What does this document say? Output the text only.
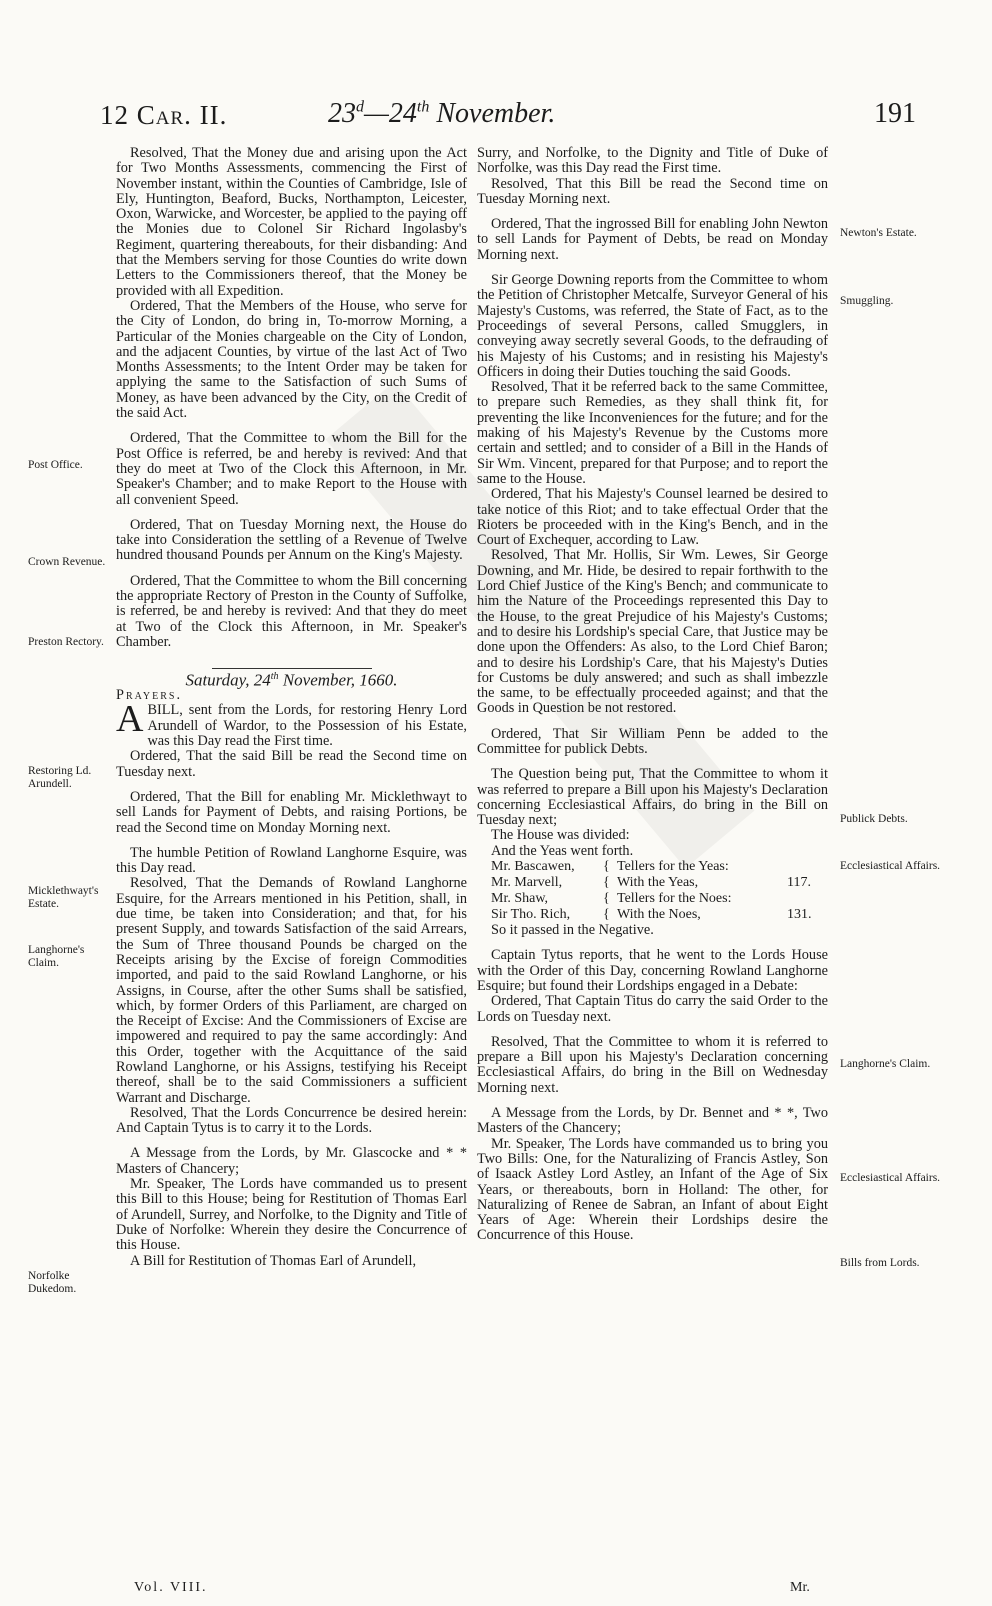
12 Car. II.	23$^d$—24th November.	191
Post Office.
Crown Revenue.
Preston Rectory.
Restoring Ld. Arundell.
Micklethwayt's Estate.
Langhorne's Claim.
Norfolke Dukedom.
Newton's Estate.
Smuggling.
Publick Debts.
Ecclesiastical Affairs.
Langhorne's Claim.
Ecclesiastical Affairs.
Bills from Lords.

Resolved, That the Money due and arising upon the Act for Two Months Assessments, commencing the First of November instant, within the Counties of Cambridge, Isle of Ely, Huntington, Beaford, Bucks, Northampton, Leicester, Oxon, Warwicke, and Worcester, be applied to the paying off the Monies due to Colonel Sir Richard Ingolasby's Regiment, quartering thereabouts, for their disbanding: And that the Members serving for those Counties do write down Letters to the Commissioners thereof, that the Money be provided with all Expedition.

Ordered, That the Members of the House, who serve for the City of London, do bring in, To-morrow Morning, a Particular of the Monies chargeable on the City of London, and the adjacent Counties, by virtue of the last Act of Two Months Assessments; to the Intent Order may be taken for applying the same to the Satisfaction of such Sums of Money, as have been advanced by the City, on the Credit of the said Act.

Ordered, That the Committee to whom the Bill for the Post Office is referred, be and hereby is revived: And that they do meet at Two of the Clock this Afternoon, in Mr. Speaker's Chamber; and to make Report to the House with all convenient Speed.

Ordered, That on Tuesday Morning next, the House do take into Consideration the settling of a Revenue of Twelve hundred thousand Pounds per Annum on the King's Majesty.

Ordered, That the Committee to whom the Bill concerning the appropriate Rectory of Preston in the County of Suffolke, is referred, be and hereby is revived: And that they do meet at Two of the Clock this Afternoon, in Mr. Speaker's Chamber.

Saturday, 24th November, 1660.

Prayers.

ABILL, sent from the Lords, for restoring Henry Lord Arundell of Wardor, to the Possession of his Estate, was this Day read the First time.

Ordered, That the said Bill be read the Second time on Tuesday next.

Ordered, That the Bill for enabling Mr. Micklethwayt to sell Lands for Payment of Debts, and raising Portions, be read the Second time on Monday Morning next.

The humble Petition of Rowland Langhorne Esquire, was this Day read.

Resolved, That the Demands of Rowland Langhorne Esquire, for the Arrears mentioned in his Petition, shall, in due time, be taken into Consideration; and that, for his present Supply, and towards Satisfaction of the said Arrears, the Sum of Three thousand Pounds be charged on the Receipts arising by the Excise of foreign Commodities imported, and paid to the said Rowland Langhorne, or his Assigns, in Course, after the other Sums shall be satisfied, which, by former Orders of this Parliament, are charged on the Receipt of Excise: And the Commissioners of Excise are impowered and required to pay the same accordingly: And this Order, together with the Acquittance of the said Rowland Langhorne, or his Assigns, testifying his Receipt thereof, shall be to the said Commissioners a sufficient Warrant and Discharge.

Resolved, That the Lords Concurrence be desired herein: And Captain Tytus is to carry it to the Lords.

A Message from the Lords, by Mr. Glascocke and * * Masters of Chancery;

Mr. Speaker, The Lords have commanded us to present this Bill to this House; being for Restitution of Thomas Earl of Arundell, Surrey, and Norfolke, to the Dignity and Title of Duke of Norfolke: Wherein they desire the Concurrence of this House.

A Bill for Restitution of Thomas Earl of Arundell,

Surry, and Norfolke, to the Dignity and Title of Duke of Norfolke, was this Day read the First time.

Resolved, That this Bill be read the Second time on Tuesday Morning next.

Ordered, That the ingrossed Bill for enabling John Newton to sell Lands for Payment of Debts, be read on Monday Morning next.

Sir George Downing reports from the Committee to whom the Petition of Christopher Metcalfe, Surveyor General of his Majesty's Customs, was referred, the State of Fact, as to the Proceedings of several Persons, called Smugglers, in conveying away secretly several Goods, to the defrauding of his Majesty of his Customs; and in resisting his Majesty's Officers in doing their Duties touching the said Goods.

Resolved, That it be referred back to the same Committee, to prepare such Remedies, as they shall think fit, for preventing the like Inconveniences for the future; and for the making of his Majesty's Revenue by the Customs more certain and settled; and to consider of a Bill in the Hands of Sir Wm. Vincent, prepared for that Purpose; and to report the same to the House.

Ordered, That his Majesty's Counsel learned be desired to take notice of this Riot; and to take effectual Order that the Rioters be proceeded with in the King's Bench, and in the Court of Exchequer, according to Law.

Resolved, That Mr. Hollis, Sir Wm. Lewes, Sir George Downing, and Mr. Hide, be desired to repair forthwith to the Lord Chief Justice of the King's Bench; and communicate to him the Nature of the Proceedings represented this Day to the House, to the great Prejudice of his Majesty's Customs; and to desire his Lordship's special Care, that Justice may be done upon the Offenders: As also, to the Lord Chief Baron; and to desire his Lordship's Care, that his Majesty's Duties for Customs be duly answered; and such as shall imbezzle the same, to be effectually proceeded against; and that the Goods in Question be not restored.

Ordered, That Sir William Penn be added to the Committee for publick Debts.

The Question being put, That the Committee to whom it was referred to prepare a Bill upon his Majesty's Declaration concerning Ecclesiastical Affairs, do bring in the Bill on Tuesday next;

The House was divided:

And the Yeas went forth.

Mr. Bascawen,	{ Tellers for the Yeas:
Mr. Marvell,	{ With the Yeas,	117.
Mr. Shaw,	{ Tellers for the Noes:
Sir Tho. Rich,	{ With the Noes,	131.

So it passed in the Negative.

Captain Tytus reports, that he went to the Lords House with the Order of this Day, concerning Rowland Langhorne Esquire; but found their Lordships engaged in a Debate:

Ordered, That Captain Titus do carry the said Order to the Lords on Tuesday next.

Resolved, That the Committee to whom it is referred to prepare a Bill upon his Majesty's Declaration concerning Ecclesiastical Affairs, do bring in the Bill on Wednesday Morning next.

A Message from the Lords, by Dr. Bennet and * *, Two Masters of the Chancery;

Mr. Speaker, The Lords have commanded us to bring you Two Bills: One, for the Naturalizing of Francis Astley, Son of Isaack Astley Lord Astley, an Infant of the Age of Six Years, or thereabouts, born in Holland: The other, for Naturalizing of Renee de Sabran, an Infant of about Eight Years of Age: Wherein their Lordships desire the Concurrence of this House.

Vol. VIII.	Mr.
